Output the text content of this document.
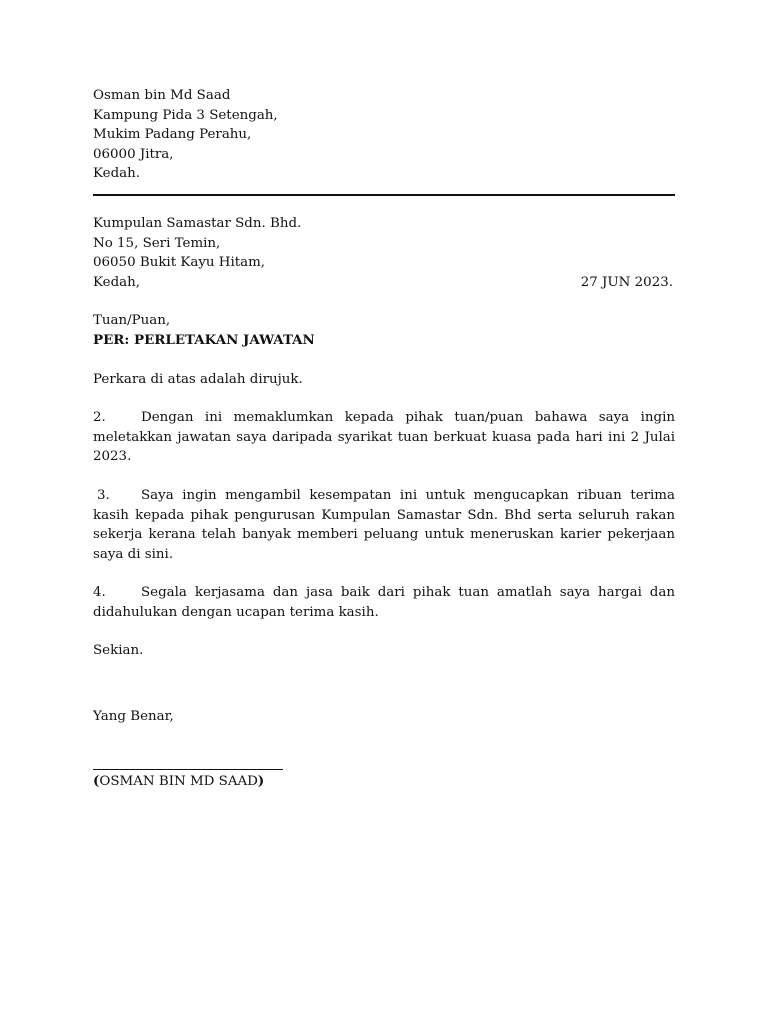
Osman bin Md Saad
Kampung Pida 3 Setengah,
Mukim Padang Perahu,
06000 Jitra,
Kedah.
Kumpulan Samastar Sdn. Bhd.
No 15, Seri Temin,
06050 Bukit Kayu Hitam,
Kedah,	27 JUN 2023.
Tuan/Puan,
PER: PERLETAKAN JAWATAN
Perkara di atas adalah dirujuk.
2.	Dengan ini memaklumkan kepada pihak tuan/puan bahawa saya ingin meletakkan jawatan saya daripada syarikat tuan berkuat kuasa pada hari ini 2 Julai 2023.
3. Saya ingin mengambil kesempatan ini untuk mengucapkan ribuan terima kasih kepada pihak pengurusan Kumpulan Samastar Sdn. Bhd serta seluruh rakan sekerja kerana telah banyak memberi peluang untuk meneruskan karier pekerjaan saya di sini.
4.	Segala kerjasama dan jasa baik dari pihak tuan amatlah saya hargai dan didahulukan dengan ucapan terima kasih.
Sekian.
Yang Benar,
(OSMAN BIN MD SAAD)
